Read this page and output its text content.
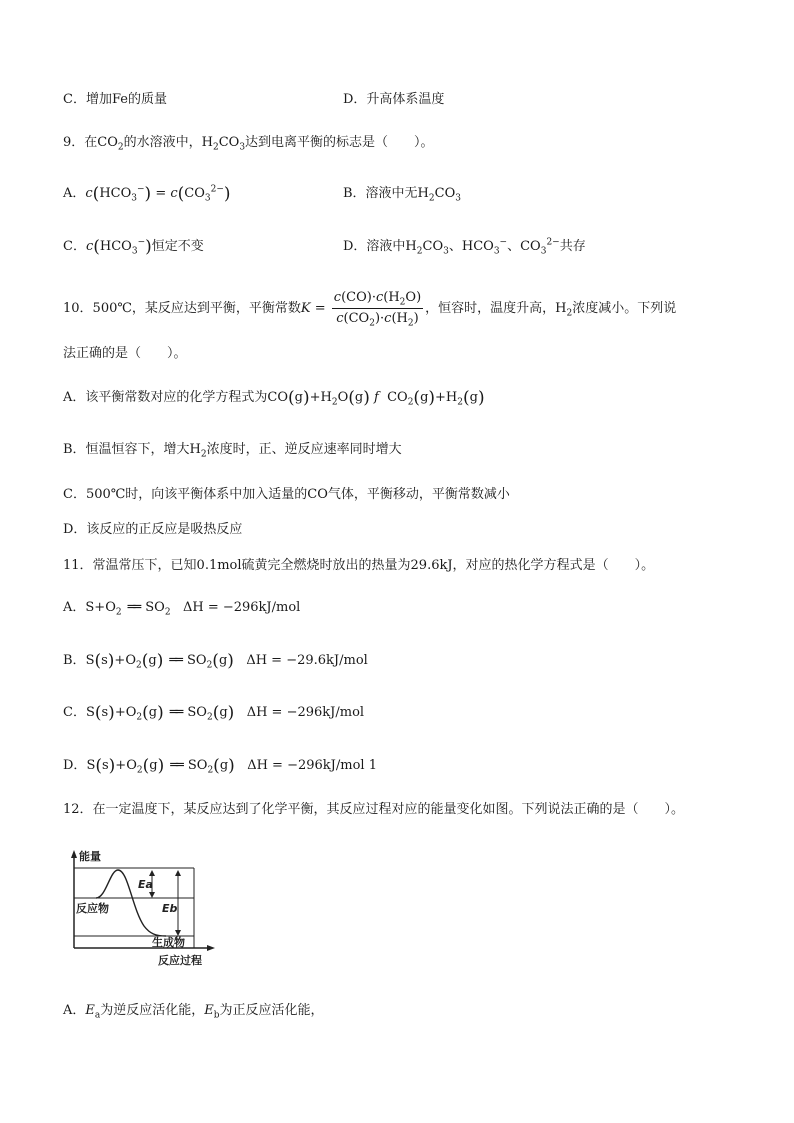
C．增加Fe的质量	D．升高体系温度
9．在$CO_2$的水溶液中，$H_2CO_3$达到电离平衡的标志是（　　）。
A．$c(HCO_3^-) = c(CO_3^{2-})$	B．溶液中无$H_2CO_3$
C．$c(HCO_3^-)$恒定不变	D．溶液中$H_2CO_3$、$HCO_3^-$、$CO_3^{2-}$共存
10．500℃，某反应达到平衡，平衡常数$K = \frac{c(CO)\cdot c(H_2O)}{c(CO_2)\cdot c(H_2)}$ ，恒容时，温度升高，$H_2$浓度减小。下列说
法正确的是（　　）。
A．该平衡常数对应的化学方程式为$CO(g)+H_2O(g)$ f  $CO_2(g)+H_2(g)$
B．恒温恒容下，增大$H_2$浓度时，正、逆反应速率同时增大
C．500℃时，向该平衡体系中加入适量的CO气体，平衡移动，平衡常数减小
D．该反应的正反应是吸热反应
11．常温常压下，已知0.1mol硫黄完全燃烧时放出的热量为29.6kJ，对应的热化学方程式是（　　）。
A．$S+O_2$ ══ $SO_2$ ΔH = −296kJ/mol
B．$S(s)+O_2(g)$ ══ $SO_2(g) \Delta H = -29.6kJ/mol$
C．$S(s)+O_2(g)$ ══ $SO_2(g) \Delta H = -296kJ/mol$
D．$S(s)+O_2(g)$ ══ $SO_2(g) \Delta H = -296kJ/mol$ 1
12．在一定温度下，某反应达到了化学平衡，其反应过程对应的能量变化如图。下列说法正确的是（　　）。
能量
反应物
生成物
反应过程
Ea
Eb
A．$E_a$为逆反应活化能，$E_b$为正反应活化能，
